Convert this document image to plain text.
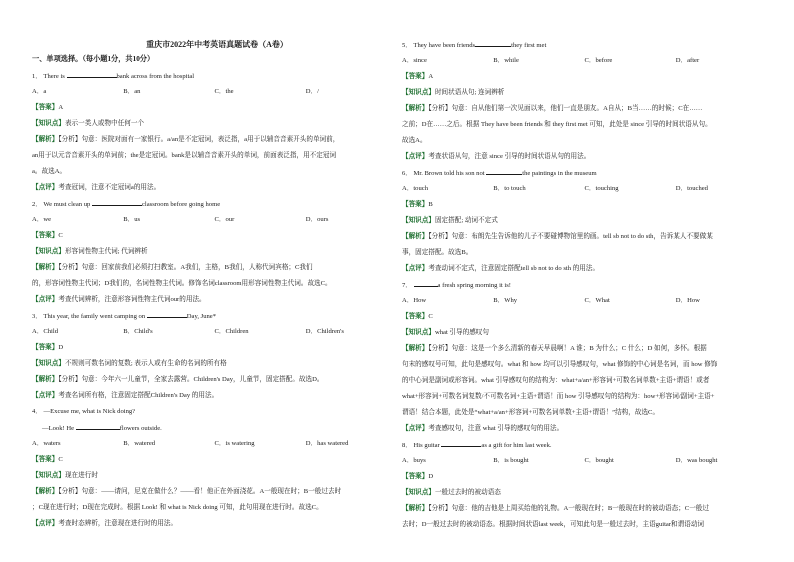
重庆市2022年中考英语真题试卷（A卷）
一、单项选择。（每小题1分，共10分）
1． There is	bank across from the hospital
A．a	B．an	C．the	D．/
【答案】A
【知识点】表示一类人或物中任何一个
【解析】【分析】句意：医院对面有一家银行。a/an是不定冠词，表泛指，a用于以辅音音素开头的单词前，
an用于以元音音素开头的单词前；the是定冠词。bank是以辅音音素开头的单词，前面表泛指，用不定冠词
a。故选A。
【点评】考查冠词，注意不定冠词a的用法。
2． We must clean up	classroom before going home
A．we	B．us	C．our	D．ours
【答案】C
【知识点】形容词性物主代词; 代词辨析
【解析】【分析】句意：回家前我们必须打扫教室。A我们，主格，B我们，人称代词宾格；C我们
的，形容词性物主代词；D我们的，名词性物主代词。修饰名词classroom用形容词性物主代词。故选C。
【点评】考查代词辨析，注意形容词性物主代词our的用法。
3． This year, the family went camping on	Day, June*
A．Child	B．Child's	C．Children	D．Children's
【答案】D
【知识点】不规则可数名词的复数; 表示人或有生命的名词的所有格
【解析】【分析】句意：今年六一儿童节，全家去露营。Children's Day，儿童节，固定搭配。故选D。
【点评】考查名词所有格，注意固定搭配Children's Day 的用法。
4． —Excuse me, what is Nick doing?
—Look! He	flowers outside.
A．waters	B．watered	C．is watering	D．has watered
【答案】C
【知识点】现在进行时
【解析】【分析】句意：——请问，尼克在做什么？——看！他正在外面浇花。A一般现在时；B一般过去时
；C现在进行时；D现在完成时。根据 Look! 和 what is Nick doing 可知，此句用现在进行时。故选C。
【点评】考查时态辨析，注意现在进行时的用法。
5． They have been friends	they first met
A．since	B．while	C．before	D．after
【答案】A
【知识点】时间状语从句; 连词辨析
【解析】【分析】句意：自从他们第一次见面以来，他们一直是朋友。A自从；B当……的时候；C在……
之前；D在……之后。根据 They have been friends 和 they first met 可知，此处是 since 引导的时间状语从句。
故选A。
【点评】考查状语从句，注意 since 引导的时间状语从句的用法。
6． Mr. Brown told his son not	the paintings in the museum
A．touch	B．to touch	C．touching	D．touched
【答案】B
【知识点】固定搭配; 动词不定式
【解析】【分析】句意：布朗先生告诉他的儿子不要碰博物馆里的画。tell sb not to do sth，告诉某人不要做某
事，固定搭配。故选B。
【点评】考查动词不定式，注意固定搭配tell sb not to do sth 的用法。
7．	a fresh spring morning it is!
A．How	B．Why	C．What	D．How
【答案】C
【知识点】what 引导的感叹句
【解析】【分析】句意：这是一个多么清新的春天早晨啊！A 谁；B 为什么；C 什么；D 如何，多怀。根据
句末的感叹号可知，此句是感叹句。what 和 how 均可以引导感叹句，what 修饰的中心词是名词，而 how 修饰
的中心词是副词或形容词。what 引导感叹句的结构为：what+a/an+形容词+可数名词单数+主语+谓语！或者
what+形容词+可数名词复数/不可数名词+主语+谓语！而 how 引导感叹句的结构为：how+形容词/副词+主语+
谓语！结合本题，此处是“what+a/an+形容词+可数名词单数+主语+谓语！”结构，故选C。
【点评】考查感叹句，注意 what 引导的感叹句的用法。
8． His guitar	as a gift for him last week.
A．buys	B．is bought	C．bought	D．was bought
【答案】D
【知识点】一般过去时的被动语态
【解析】【分析】句意：他的吉他是上周买给他的礼物。A一般现在时；B一般现在时的被动语态；C一般过
去时；D一般过去时的被动语态。根据时间状语last week，可知此句是一般过去时，主语guitar和谓语动词
